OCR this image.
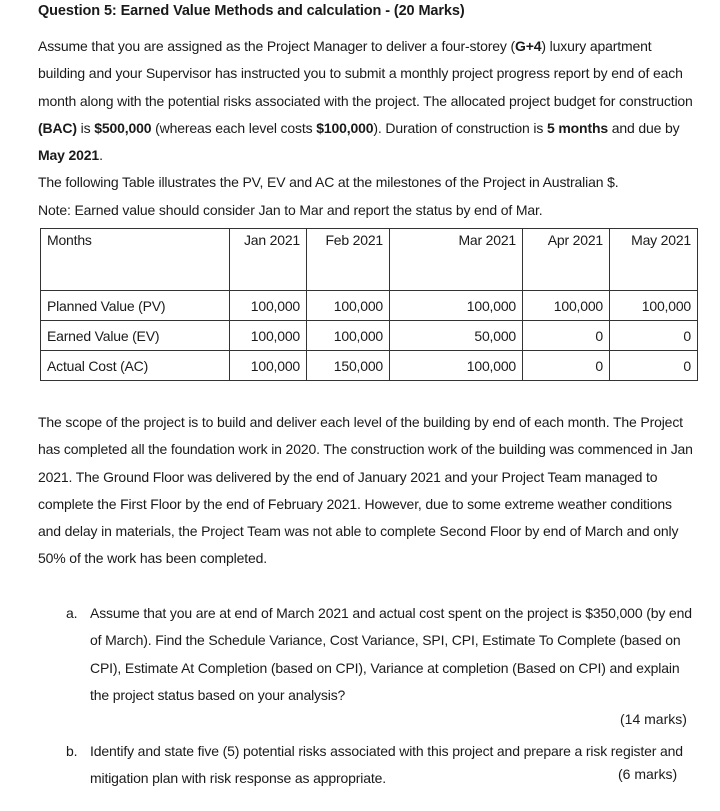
Question 5: Earned Value Methods and calculation - (20 Marks)
Assume that you are assigned as the Project Manager to deliver a four-storey (G+4) luxury apartment building and your Supervisor has instructed you to submit a monthly project progress report by end of each month along with the potential risks associated with the project. The allocated project budget for construction (BAC) is $500,000 (whereas each level costs $100,000). Duration of construction is 5 months and due by May 2021.
The following Table illustrates the PV, EV and AC at the milestones of the Project in Australian $.
Note: Earned value should consider Jan to Mar and report the status by end of Mar.
Months	Jan 2021	Feb 2021	Mar 2021	Apr 2021	May 2021
Planned Value (PV)	100,000	100,000	100,000	100,000	100,000
Earned Value (EV)	100,000	100,000	50,000	0	0
Actual Cost (AC)	100,000	150,000	100,000	0	0
The scope of the project is to build and deliver each level of the building by end of each month. The Project has completed all the foundation work in 2020. The construction work of the building was commenced in Jan 2021. The Ground Floor was delivered by the end of January 2021 and your Project Team managed to complete the First Floor by the end of February 2021. However, due to some extreme weather conditions and delay in materials, the Project Team was not able to complete Second Floor by end of March and only 50% of the work has been completed.
a. Assume that you are at end of March 2021 and actual cost spent on the project is $350,000 (by end of March). Find the Schedule Variance, Cost Variance, SPI, CPI, Estimate To Complete (based on CPI), Estimate At Completion (based on CPI), Variance at completion (Based on CPI) and explain the project status based on your analysis?
(14 marks)
b. Identify and state five (5) potential risks associated with this project and prepare a risk register and mitigation plan with risk response as appropriate.	(6 marks)
